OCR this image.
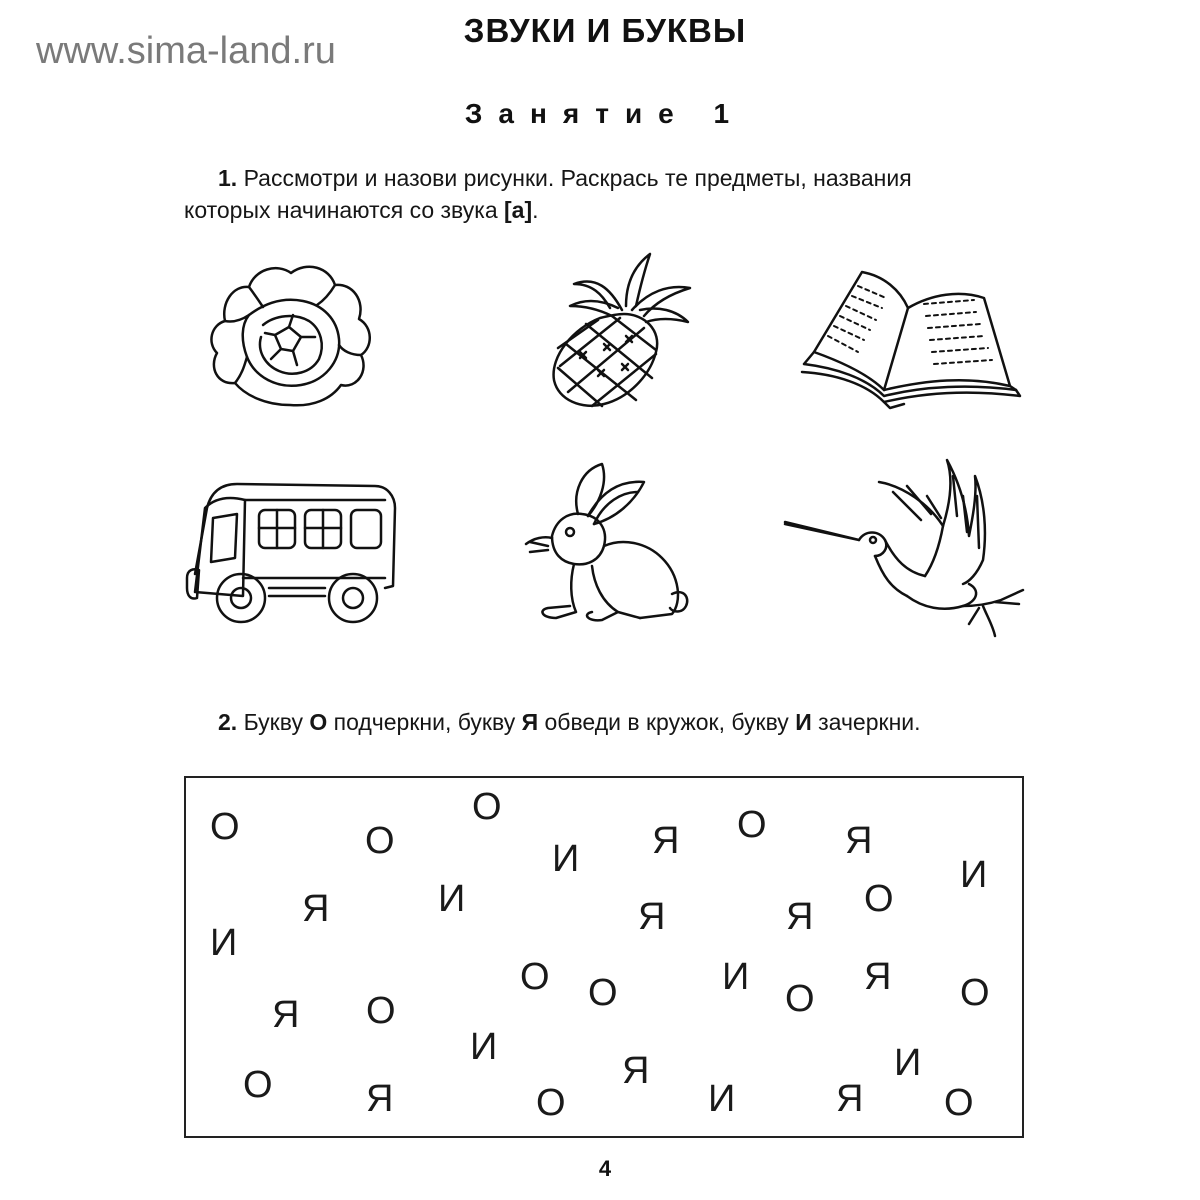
www.sima-land.ru	ЗВУКИ И БУКВЫ
Занятие 1
1. Рассмотри и назови рисунки. Раскрась те предметы, названия
которых начинаются со звука [а].
2. Букву О подчеркни, букву Я обведи в кружок, букву И зачеркни.
О	О
О
И Я О Я
И
Я	И	Я	Я О
И
О О	И	Я О
Я О
И
О
О Я
Я
И	Я
И
О
О
4
